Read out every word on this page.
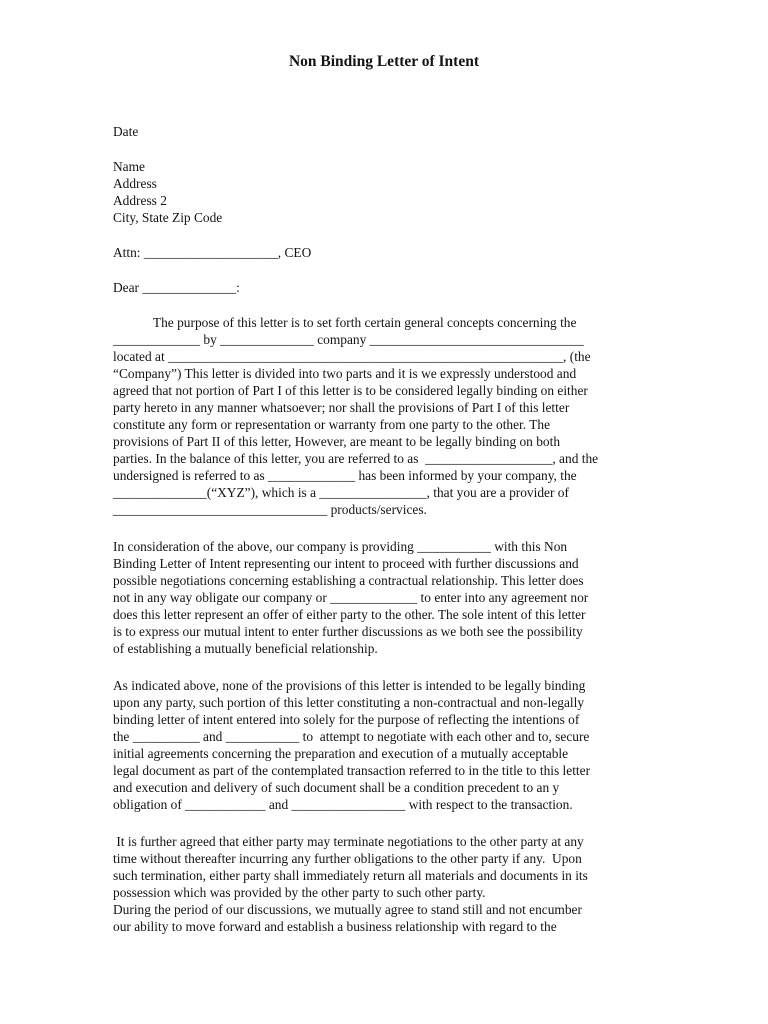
Non Binding Letter of Intent
Date
Name
Address
Address 2
City, State Zip Code
Attn: ____________________, CEO
Dear ______________:
The purpose of this letter is to set forth certain general concepts concerning the
_____________ by ______________ company ________________________________
located at ___________________________________________________________, (the
“Company”) This letter is divided into two parts and it is we expressly understood and
agreed that not portion of Part I of this letter is to be considered legally binding on either
party hereto in any manner whatsoever; nor shall the provisions of Part I of this letter
constitute any form or representation or warranty from one party to the other. The
provisions of Part II of this letter, However, are meant to be legally binding on both
parties. In the balance of this letter, you are referred to as  ___________________, and the
undersigned is referred to as _____________ has been informed by your company, the
______________(“XYZ”), which is a ________________, that you are a provider of
________________________________ products/services.
In consideration of the above, our company is providing ___________ with this Non
Binding Letter of Intent representing our intent to proceed with further discussions and
possible negotiations concerning establishing a contractual relationship. This letter does
not in any way obligate our company or _____________ to enter into any agreement nor
does this letter represent an offer of either party to the other. The sole intent of this letter
is to express our mutual intent to enter further discussions as we both see the possibility
of establishing a mutually beneficial relationship.
As indicated above, none of the provisions of this letter is intended to be legally binding
upon any party, such portion of this letter constituting a non-contractual and non-legally
binding letter of intent entered into solely for the purpose of reflecting the intentions of
the __________ and ___________ to  attempt to negotiate with each other and to, secure
initial agreements concerning the preparation and execution of a mutually acceptable
legal document as part of the contemplated transaction referred to in the title to this letter
and execution and delivery of such document shall be a condition precedent to an y
obligation of ____________ and _________________ with respect to the transaction.
It is further agreed that either party may terminate negotiations to the other party at any
time without thereafter incurring any further obligations to the other party if any.  Upon
such termination, either party shall immediately return all materials and documents in its
possession which was provided by the other party to such other party.
During the period of our discussions, we mutually agree to stand still and not encumber
our ability to move forward and establish a business relationship with regard to the
